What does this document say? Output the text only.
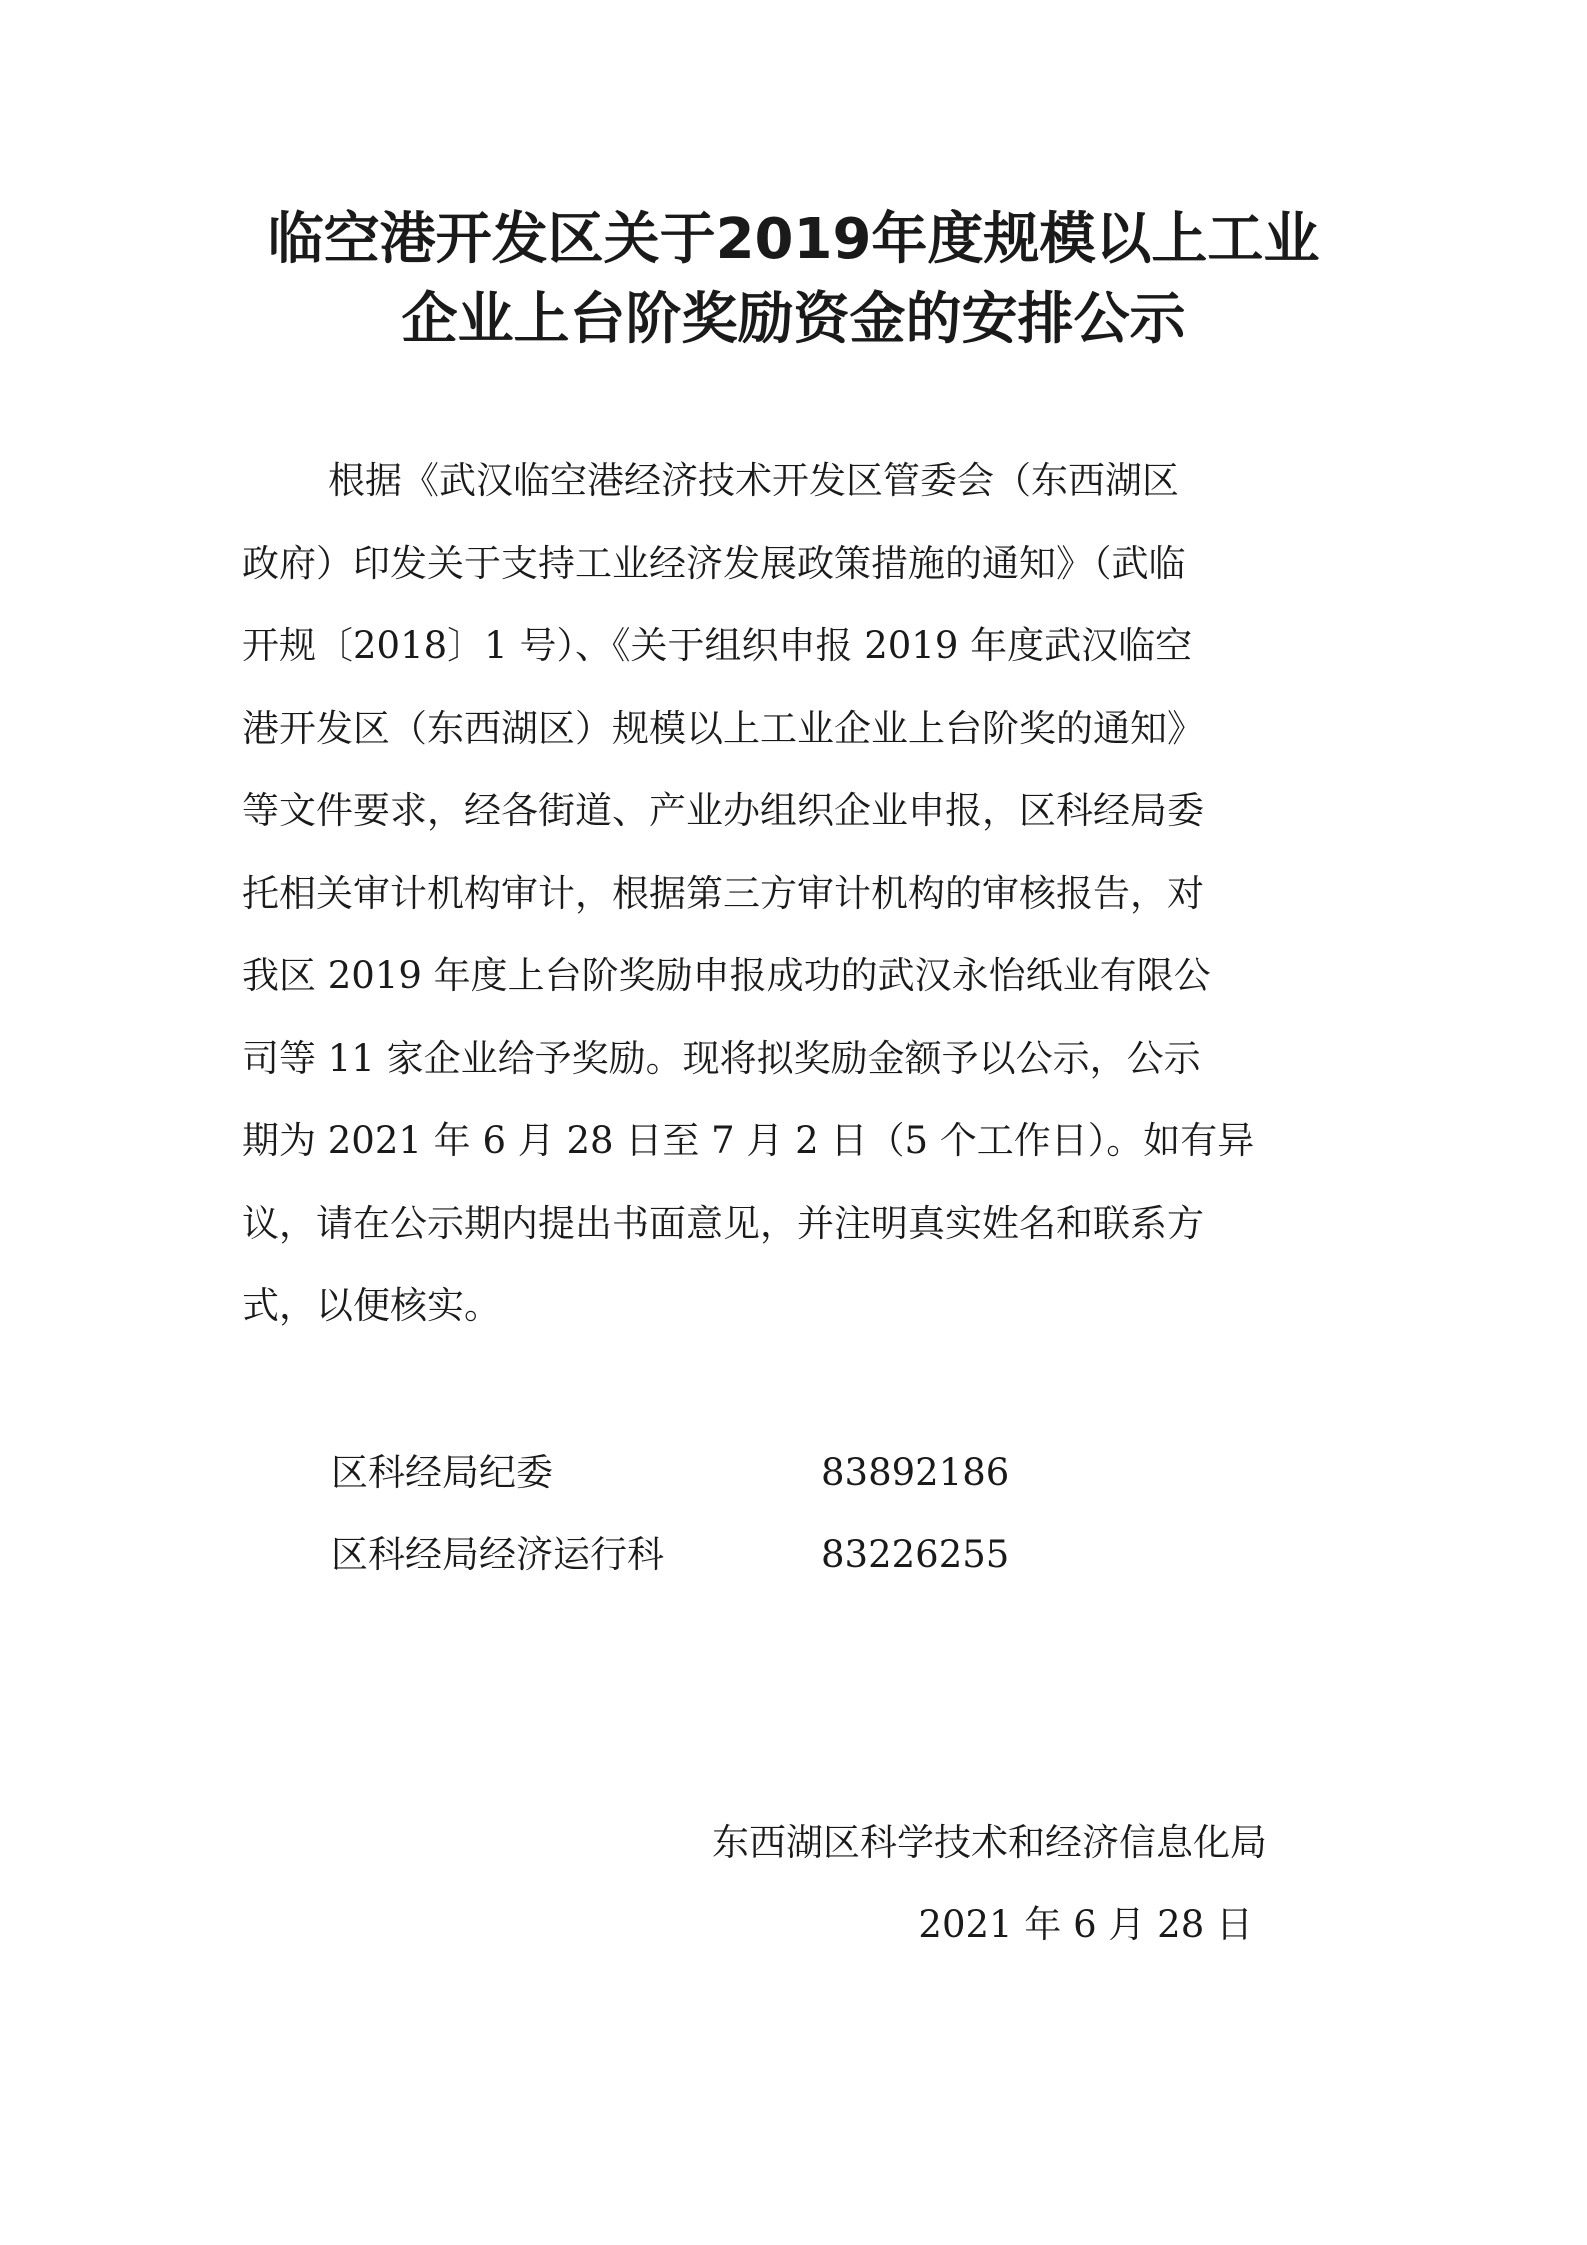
临空港开发区关于2019年度规模以上工业
企业上台阶奖励资金的安排公示
根据《武汉临空港经济技术开发区管委会（东西湖区
政府）印发关于支持工业经济发展政策措施的通知》（武临
开规〔2018〕1 号）、《关于组织申报 2019 年度武汉临空
港开发区（东西湖区）规模以上工业企业上台阶奖的通知》
等文件要求，经各街道、产业办组织企业申报，区科经局委
托相关审计机构审计，根据第三方审计机构的审核报告，对
我区 2019 年度上台阶奖励申报成功的武汉永怡纸业有限公
司等 11 家企业给予奖励。现将拟奖励金额予以公示，公示
期为 2021 年 6 月 28 日至 7 月 2 日（5 个工作日）。如有异
议，请在公示期内提出书面意见，并注明真实姓名和联系方
式，以便核实。
区科经局纪委	83892186
区科经局经济运行科	83226255
东西湖区科学技术和经济信息化局
2021 年 6 月 28 日
